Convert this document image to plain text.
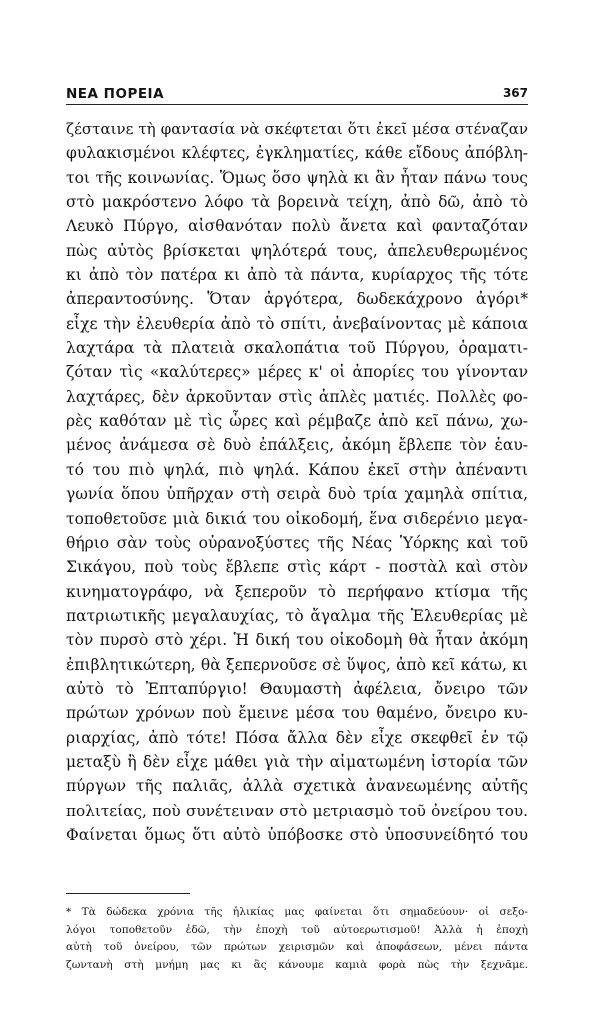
ΝΕΑ ΠΟΡΕΙΑ	367
ζέσταινε τὴ φαντασία νὰ σκέφτεται ὅτι ἐκεῖ μέσα στέναζαν
φυλακισμένοι κλέφτες, ἐγκληματίες, κάθε εἴδους ἀπόβλη-
τοι τῆς κοινωνίας. Ὅμως ὅσο ψηλὰ κι ἂν ἦταν πάνω τους
στὸ μακρόστενο λόφο τὰ βορεινὰ τείχη, ἀπὸ δῶ, ἀπὸ τὸ
Λευκὸ Πύργο, αἰσθανόταν πολὺ ἄνετα καὶ φανταζόταν
πὼς αὐτὸς βρίσκεται ψηλότερά τους, ἀπελευθερωμένος
κι ἀπὸ τὸν πατέρα κι ἀπὸ τὰ πάντα, κυρίαρχος τῆς τότε
ἀπεραντοσύνης. Ὅταν ἀργότερα, δωδεκάχρονο ἀγόρι*
εἶχε τὴν ἐλευθερία ἀπὸ τὸ σπίτι, ἀνεβαίνοντας μὲ κάποια
λαχτάρα τὰ πλατειὰ σκαλοπάτια τοῦ Πύργου, ὁραματι-
ζόταν τὶς «καλύτερες» μέρες κ' οἱ ἀπορίες του γίνονταν
λαχτάρες, δὲν ἀρκοῦνταν στὶς ἁπλὲς ματιές. Πολλὲς φο-
ρὲς καθόταν μὲ τὶς ὧρες καὶ ρέμβαζε ἀπὸ κεῖ πάνω, χω-
μένος ἀνάμεσα σὲ δυὸ ἐπάλξεις, ἀκόμη ἔβλεπε τὸν ἑαυ-
τό του πιὸ ψηλά, πιὸ ψηλά. Κάπου ἐκεῖ στὴν ἀπέναντι
γωνία ὅπου ὑπῆρχαν στὴ σειρὰ δυὸ τρία χαμηλὰ σπίτια,
τοποθετοῦσε μιὰ δικιά του οἰκοδομή, ἕνα σιδερένιο μεγα-
θήριο σὰν τοὺς οὐρανοξύστες τῆς Νέας Ὑόρκης καὶ τοῦ
Σικάγου, ποὺ τοὺς ἔβλεπε στὶς κάρτ - ποστὰλ καὶ στὸν
κινηματογράφο, νὰ ξεπεροῦν τὸ περήφανο κτίσμα τῆς
πατριωτικῆς μεγαλαυχίας, τὸ ἄγαλμα τῆς Ἐλευθερίας μὲ
τὸν πυρσὸ στὸ χέρι. Ἡ δική του οἰκοδομὴ θὰ ἦταν ἀκόμη
ἐπιβλητικώτερη, θὰ ξεπερνοῦσε σὲ ὕψος, ἀπὸ κεῖ κάτω, κι
αὐτὸ τὸ Ἐπταπύργιο! Θαυμαστὴ ἀφέλεια, ὄνειρο τῶν
πρώτων χρόνων ποὺ ἔμεινε μέσα του θαμένο, ὄνειρο κυ-
ριαρχίας, ἀπὸ τότε! Πόσα ἄλλα δὲν εἶχε σκεφθεῖ ἐν τῷ
μεταξὺ ἢ δὲν εἶχε μάθει γιὰ τὴν αἱματωμένη ἱστορία τῶν
πύργων τῆς παλιᾶς, ἀλλὰ σχετικὰ ἀνανεωμένης αὐτῆς
πολιτείας, ποὺ συνέτειναν στὸ μετριασμὸ τοῦ ὀνείρου του.
Φαίνεται ὅμως ὅτι αὐτὸ ὑπόβοσκε στὸ ὑποσυνείδητό του
* Τὰ δώδεκα χρόνια τῆς ἡλικίας μας φαίνεται ὅτι σημαδεύουν· οἱ σεξο-
λόγοι τοποθετοῦν ἐδῶ, τὴν ἐποχὴ τοῦ αὐτοερωτισμοῦ! Ἀλλὰ ἡ ἐποχὴ
αὐτὴ τοῦ ὀνείρου, τῶν πρώτων χειρισμῶν καὶ ἀποφάσεων, μένει πάντα
ζωντανὴ στὴ μνήμη μας κι ἂς κάνουμε καμιὰ φορὰ πὼς τὴν ξεχνᾶμε.
